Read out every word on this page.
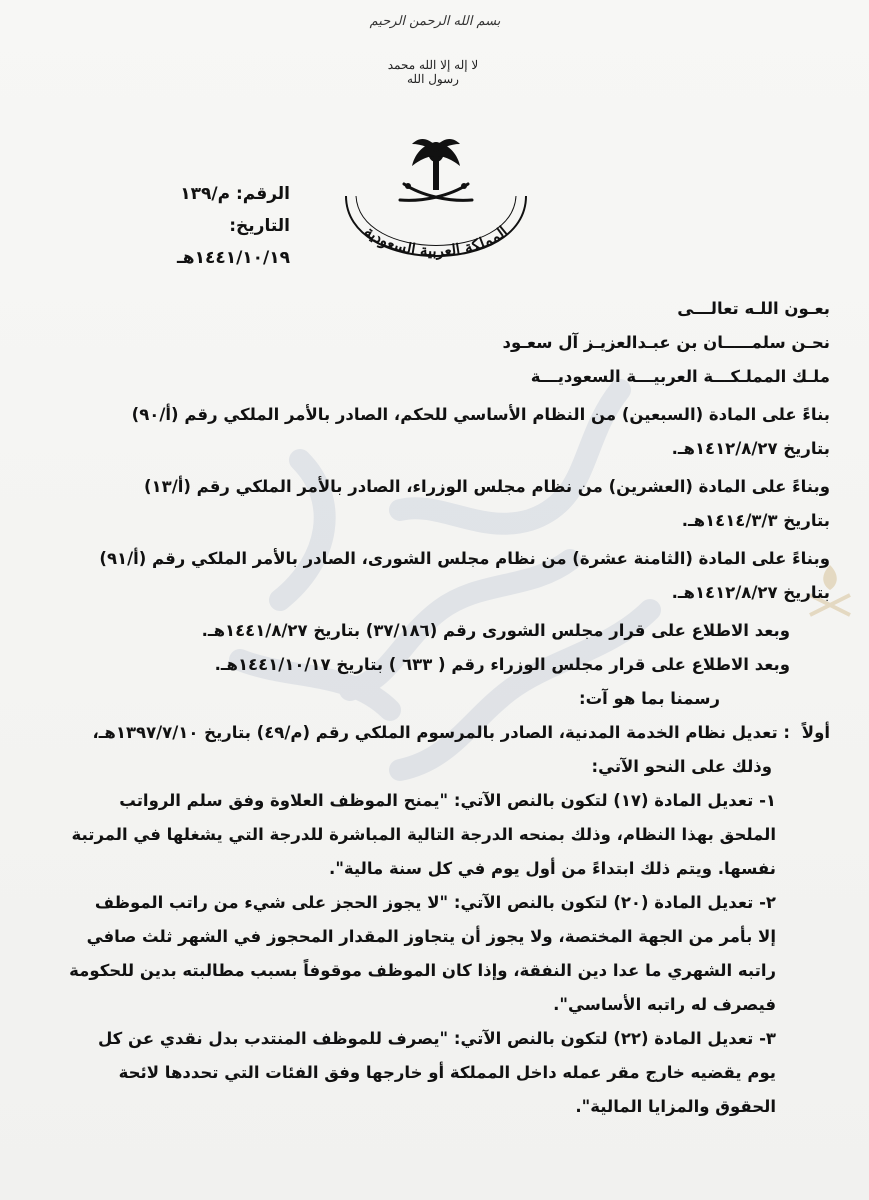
بسم الله الرحمن الرحيم
لا إله إلا الله محمد رسول الله
المملكة العربية السعودية
الرقم: م/١٣٩
التاريخ: ١٤٤١/١٠/١٩هـ
بعـون اللـه تعالـــى
نحـن سلمـــــان بن عبـدالعزيـز آل سعـود
ملـك المملـكـــة العربيـــة السعوديـــة
بناءً على المادة (السبعين) من النظام الأساسي للحكم، الصادر بالأمر الملكي رقم (أ/٩٠)
بتاريخ ١٤١٢/٨/٢٧هـ.
وبناءً على المادة (العشرين) من نظام مجلس الوزراء، الصادر بالأمر الملكي رقم (أ/١٣)
بتاريخ ١٤١٤/٣/٣هـ.
وبناءً على المادة (الثامنة عشرة) من نظام مجلس الشورى، الصادر بالأمر الملكي رقم (أ/٩١)
بتاريخ ١٤١٢/٨/٢٧هـ.
وبعد الاطلاع على قرار مجلس الشورى رقم (٣٧/١٨٦) بتاريخ ١٤٤١/٨/٢٧هـ.
وبعد الاطلاع على قرار مجلس الوزراء رقم ( ٦٣٣ ) بتاريخ ١٤٤١/١٠/١٧هـ.
رسمنا بما هو آت:
أولاً
: تعديل نظام الخدمة المدنية، الصادر بالمرسوم الملكي رقم (م/٤٩) بتاريخ ١٣٩٧/٧/١٠هـ،
وذلك على النحو الآتي:
١- تعديل المادة (١٧) لتكون بالنص الآتي: "يمنح الموظف العلاوة وفق سلم الرواتب
الملحق بهذا النظام، وذلك بمنحه الدرجة التالية المباشرة للدرجة التي يشغلها في المرتبة
نفسها. ويتم ذلك ابتداءً من أول يوم في كل سنة مالية".
٢- تعديل المادة (٢٠) لتكون بالنص الآتي: "لا يجوز الحجز على شيء من راتب الموظف
إلا بأمر من الجهة المختصة، ولا يجوز أن يتجاوز المقدار المحجوز في الشهر ثلث صافي
راتبه الشهري ما عدا دين النفقة، وإذا كان الموظف موقوفاً بسبب مطالبته بدين للحكومة
فيصرف له راتبه الأساسي".
٣- تعديل المادة (٢٢) لتكون بالنص الآتي: "يصرف للموظف المنتدب بدل نقدي عن كل
يوم يقضيه خارج مقر عمله داخل المملكة أو خارجها وفق الفئات التي تحددها لائحة
الحقوق والمزايا المالية".
